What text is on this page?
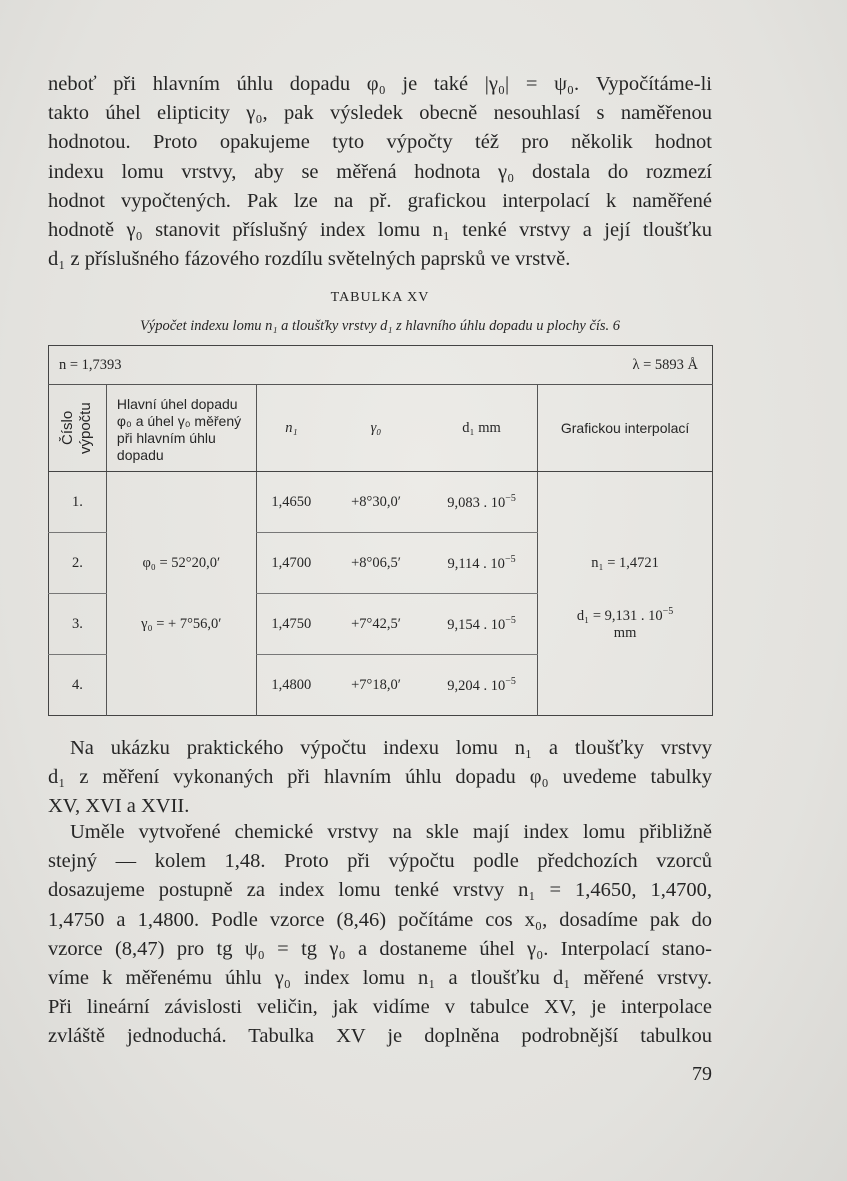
neboť při hlavním úhlu dopadu φ₀ je také |γ₀| = ψ₀. Vypočítáme-li
takto úhel elipticity γ₀, pak výsledek obecně nesouhlasí s naměřenou
hodnotou. Proto opakujeme tyto výpočty též pro několik hodnot
indexu lomu vrstvy, aby se měřená hodnota γ₀ dostala do rozmezí
hodnot vypočtených. Pak lze na př. grafickou interpolací k naměřené
hodnotě γ₀ stanovit příslušný index lomu n₁ tenké vrstvy a její tloušťku
d₁ z příslušného fázového rozdílu světelných paprsků ve vrstvě.
TABULKA XV
Výpočet indexu lomu n₁ a tloušťky vrstvy d₁ z hlavního úhlu dopadu u plochy čís. 6
n = 1,7393			λ = 5893 Å		

Číslo výpočtu	Hlavní úhel dopadu φ₀ a úhel γ₀ měřený při hlavním úhlu dopadu	n₁	γ₀	d₁ mm	Grafickou interpolací
1.		1,4650	+8°30,0′	9,083 . $10^{-5}$	
2.	φ₀ = 52°20,0′	1,4700	+8°06,5′	9,114 . $10^{-5}$	n₁ = 1,4721
3.	γ₀ = + 7°56,0′	1,4750	+7°42,5′	9,154 . $10^{-5}$	d₁ = 9,131 . $10^{-5}$
mm

4.		1,4800	+7°18,0′	9,204 . $10^{-5}$	
Na ukázku praktického výpočtu indexu lomu n₁ a tloušťky vrstvy
d₁ z měření vykonaných při hlavním úhlu dopadu φ₀ uvedeme tabulky
XV, XVI a XVII.
Uměle vytvořené chemické vrstvy na skle mají index lomu přibližně
stejný — kolem 1,48. Proto při výpočtu podle předchozích vzorců
dosazujeme postupně za index lomu tenké vrstvy n₁ = 1,4650, 1,4700,
1,4750 a 1,4800. Podle vzorce (8,46) počítáme cos x₀, dosadíme pak do
vzorce (8,47) pro tg ψ₀ = tg γ₀ a dostaneme úhel γ₀. Interpolací stano-
víme k měřenému úhlu γ₀ index lomu n₁ a tloušťku d₁ měřené vrstvy.
Při lineární závislosti veličin, jak vidíme v tabulce XV, je interpolace
zvláště jednoduchá. Tabulka XV je doplněna podrobnější tabulkou
79
